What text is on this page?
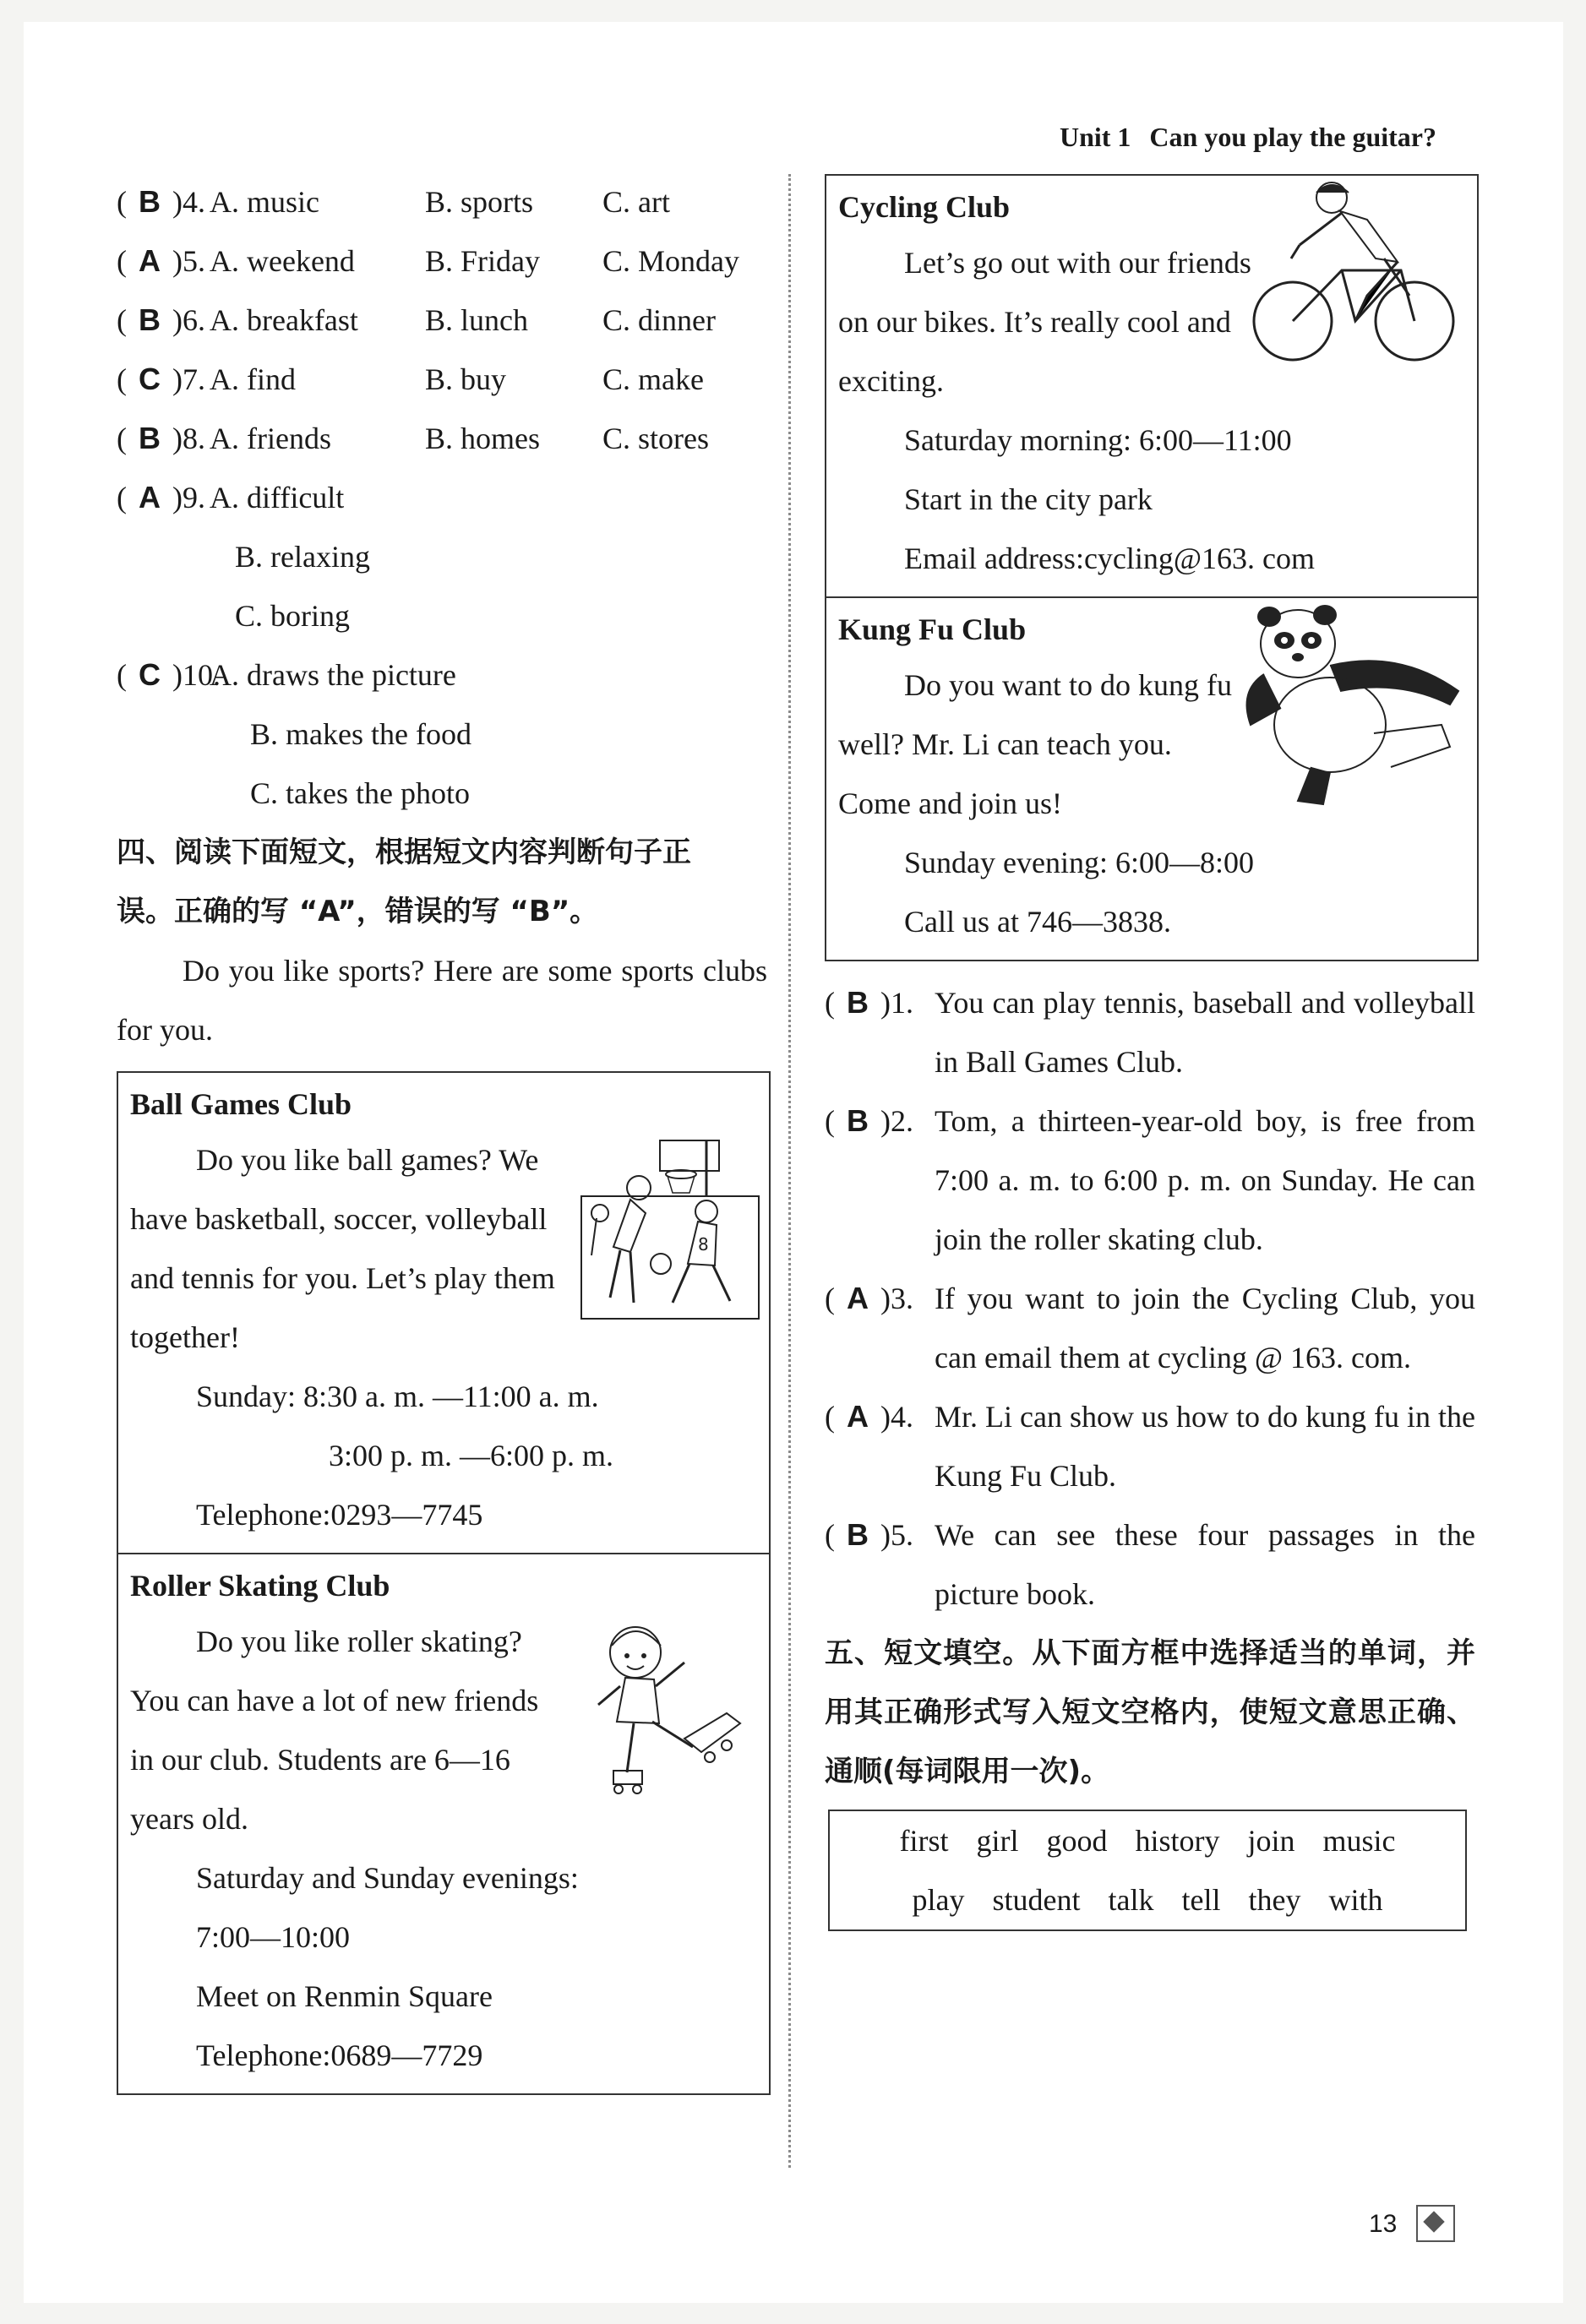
Unit 1 Can you play the guitar?
( B )4. A. music	B. sports C. art
( A )5. A. weekend B. Friday C. Monday
( B )6. A. breakfast B. lunch C. dinner
( C )7. A. find	B. buy	C. make
( B )8. A. friends	B. homes C. stores
( A )9. A. difficult
B. relaxing
C. boring
( C )10.A. draws the picture
B. makes the food
C. takes the photo
四、阅读下面短文，根据短文内容判断句子正
误。正确的写 “A”，错误的写 “B”。
Do you like sports? Here are some sports clubs for you.
Ball Games Club
8
Do you like ball games? We have basketball, soccer, volleyball and tennis for you. Let’s play them together!
Sunday: 8:30 a. m. —11:00 a. m.
3:00 p. m. —6:00 p. m.
Telephone:0293—7745
Roller Skating Club
Do you like roller skating? You can have a lot of new friends in our club. Students are 6—16 years old.
Saturday and Sunday evenings:
7:00—10:00
Meet on Renmin Square
Telephone:0689—7729
Cycling Club
Let’s go out with our friends on our bikes. It’s really cool and exciting.
Saturday morning: 6:00—11:00
Start in the city park
Email address:cycling@163. com
Kung Fu Club
Do you want to do kung fu well? Mr. Li can teach you. Come and join us!
Sunday evening: 6:00—8:00
Call us at 746—3838.
( B )1. You can play tennis, baseball and volleyball in Ball Games Club.
( B )2. Tom, a thirteen-year-old boy, is free from 7:00 a. m. to 6:00 p. m. on Sunday. He can join the roller skating club.
( A )3. If you want to join the Cycling Club, you can email them at cycling @ 163. com.
( A )4. Mr. Li can show us how to do kung fu in the Kung Fu Club.
( B )5. We can see these four passages in the picture book.
五、短文填空。从下面方框中选择适当的单词，并用其正确形式写入短文空格内，使短文意思正确、通顺(每词限用一次)。
first girl good history join music
play student talk tell they with
13
